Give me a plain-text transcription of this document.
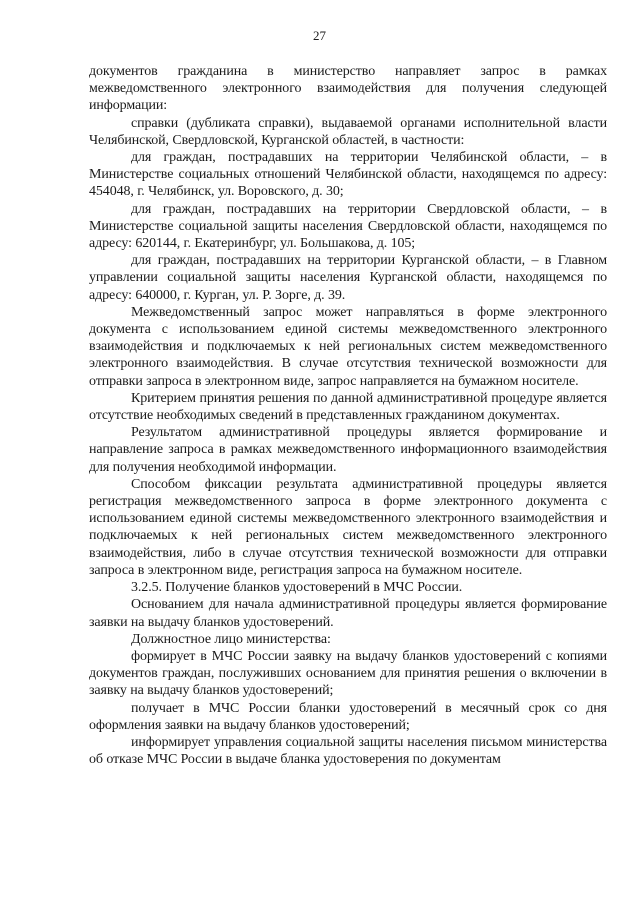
27

документов гражданина в министерство направляет запрос в рамках межведомственного электронного взаимодействия для получения следующей информации:

справки (дубликата справки), выдаваемой органами исполнительной власти Челябинской, Свердловской, Курганской областей, в частности:

для граждан, пострадавших на территории Челябинской области, – в Министерстве социальных отношений Челябинской области, находящемся по адресу: 454048, г. Челябинск, ул. Воровского, д. 30;

для граждан, пострадавших на территории Свердловской области, – в Министерстве социальной защиты населения Свердловской области, находящемся по адресу: 620144, г. Екатеринбург, ул. Большакова, д. 105;

для граждан, пострадавших на территории Курганской области, – в Главном управлении социальной защиты населения Курганской области, находящемся по адресу: 640000, г. Курган, ул. Р. Зорге, д. 39.

Межведомственный запрос может направляться в форме электронного документа с использованием единой системы межведомственного электронного взаимодействия и подключаемых к ней региональных систем межведомственного электронного взаимодействия. В случае отсутствия технической возможности для отправки запроса в электронном виде, запрос направляется на бумажном носителе.

Критерием принятия решения по данной административной процедуре является отсутствие необходимых сведений в представленных гражданином документах.

Результатом административной процедуры является формирование и направление запроса в рамках межведомственного информационного взаимодействия для получения необходимой информации.

Способом фиксации результата административной процедуры является регистрация межведомственного запроса в форме электронного документа с использованием единой системы межведомственного электронного взаимодействия и подключаемых к ней региональных систем межведомственного электронного взаимодействия, либо в случае отсутствия технической возможности для отправки запроса в электронном виде, регистрация запроса на бумажном носителе.

3.2.5. Получение бланков удостоверений в МЧС России.

Основанием для начала административной процедуры является формирование заявки на выдачу бланков удостоверений.

Должностное лицо министерства:

формирует в МЧС России заявку на выдачу бланков удостоверений с копиями документов граждан, послуживших основанием для принятия решения о включении в заявку на выдачу бланков удостоверений;

получает в МЧС России бланки удостоверений в месячный срок со дня оформления заявки на выдачу бланков удостоверений;

информирует управления социальной защиты населения письмом министерства об отказе МЧС России в выдаче бланка удостоверения по документам
